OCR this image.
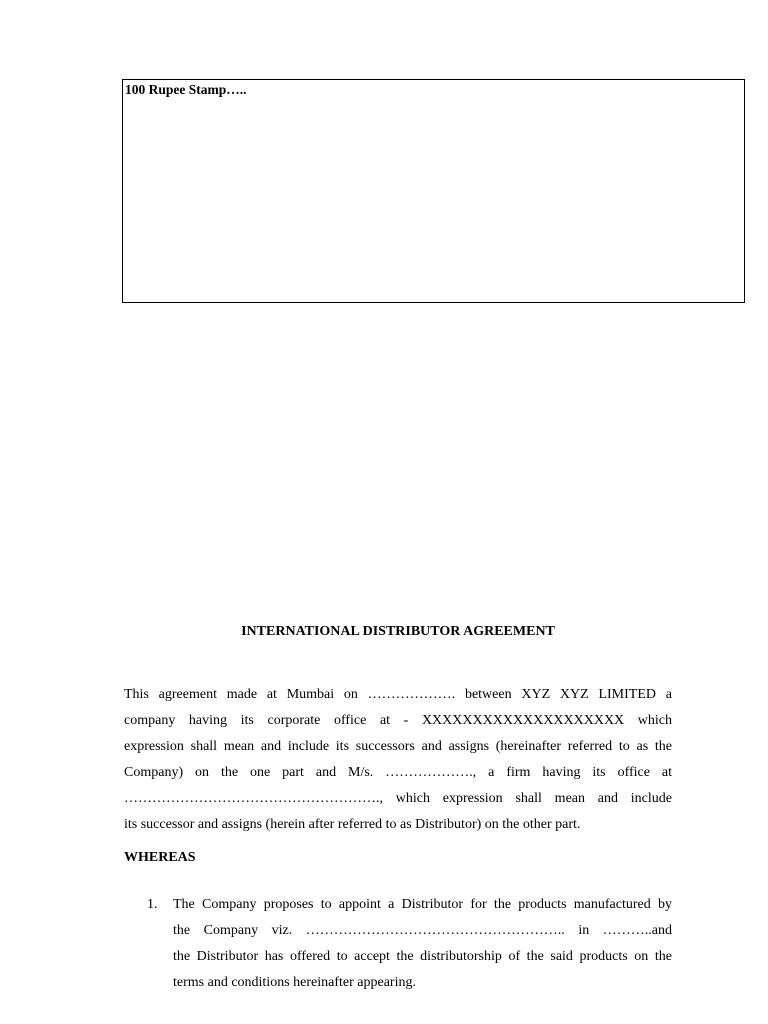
100 Rupee Stamp…..
INTERNATIONAL DISTRIBUTOR AGREEMENT
This agreement made at Mumbai on ………………. between XYZ XYZ LIMITED a
company having its corporate office at - XXXXXXXXXXXXXXXXXXXX which
expression shall mean and include its successors and assigns (hereinafter referred to as the
Company) on the one part and M/s. ………………., a firm having its office at
………………………………………………., which expression shall mean and include
its successor and assigns (herein after referred to as Distributor) on the other part.
WHEREAS
1. The Company proposes to appoint a Distributor for the products manufactured by
the Company viz. ……………………………………………….. in ………..and
the Distributor has offered to accept the distributorship of the said products on the
terms and conditions hereinafter appearing.
